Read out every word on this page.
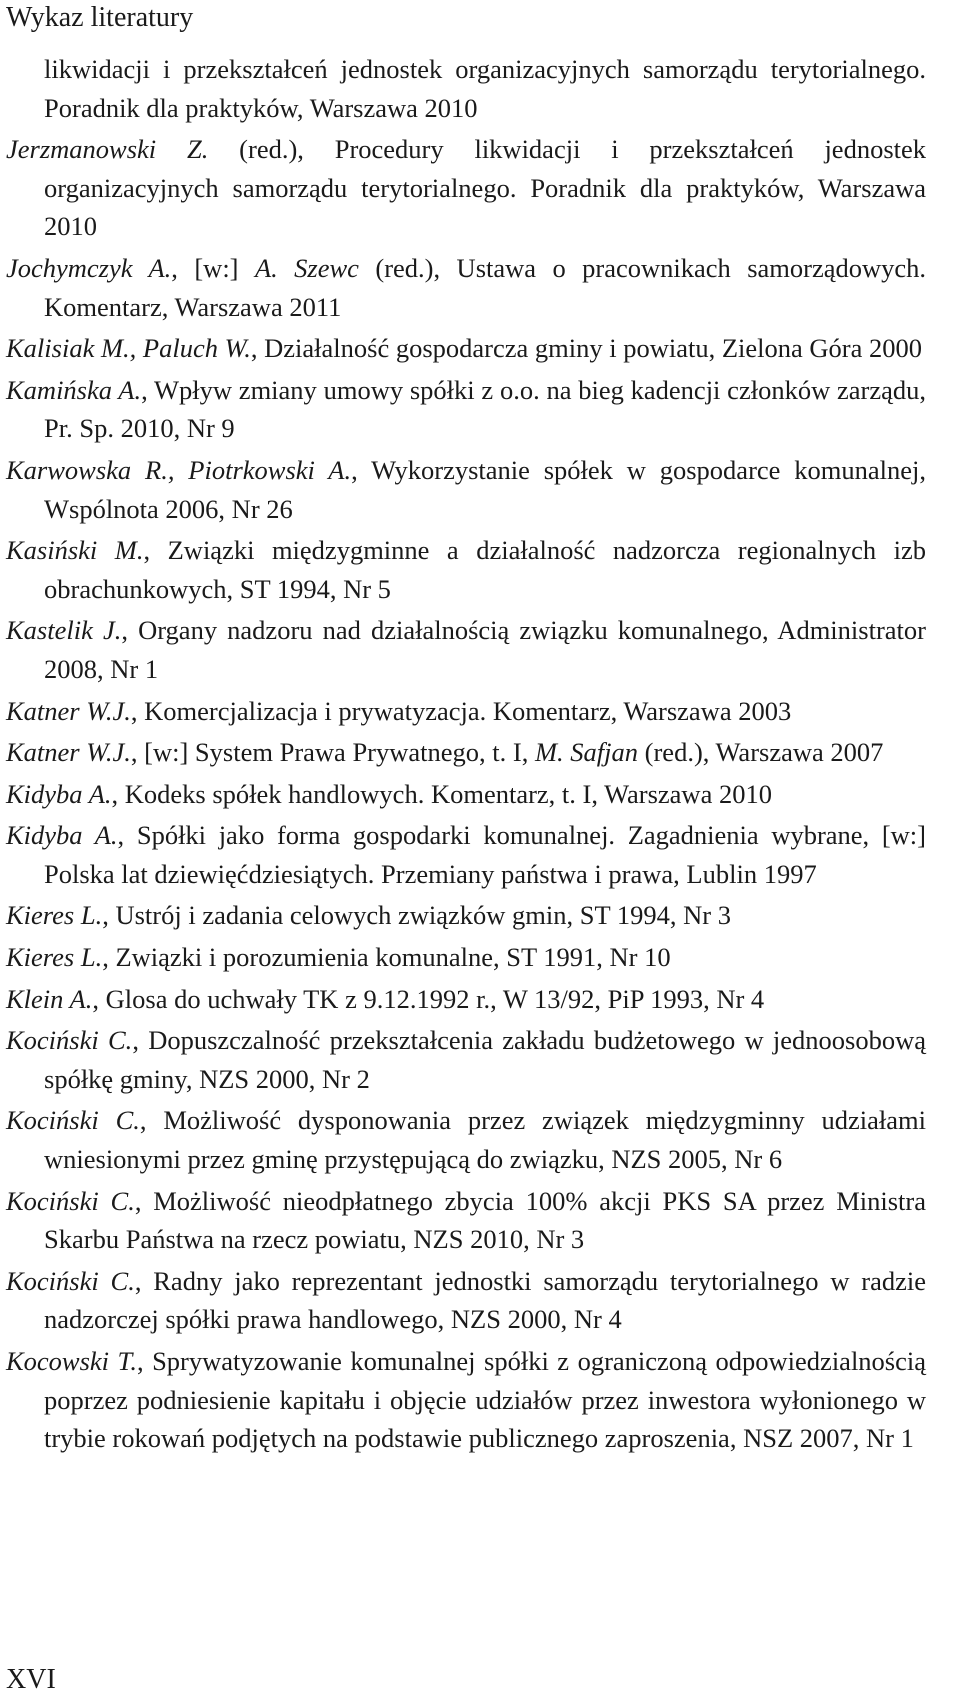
Wykaz literatury

likwidacji i przekształceń jednostek organizacyjnych samorządu terytorialnego. Poradnik dla praktyków, Warszawa 2010

Jerzmanowski Z. (red.), Procedury likwidacji i przekształceń jednostek organizacyjnych samorządu terytorialnego. Poradnik dla praktyków, Warszawa 2010

Jochymczyk A., [w:] A. Szewc (red.), Ustawa o pracownikach samorządowych. Komentarz, Warszawa 2011

Kalisiak M., Paluch W., Działalność gospodarcza gminy i powiatu, Zielona Góra 2000

Kamińska A., Wpływ zmiany umowy spółki z o.o. na bieg kadencji członków zarządu, Pr. Sp. 2010, Nr 9

Karwowska R., Piotrkowski A., Wykorzystanie spółek w gospodarce komunalnej, Wspólnota 2006, Nr 26

Kasiński M., Związki międzygminne a działalność nadzorcza regionalnych izb obrachunkowych, ST 1994, Nr 5

Kastelik J., Organy nadzoru nad działalnością związku komunalnego, Administrator 2008, Nr 1

Katner W.J., Komercjalizacja i prywatyzacja. Komentarz, Warszawa 2003

Katner W.J., [w:] System Prawa Prywatnego, t. I, M. Safjan (red.), Warszawa 2007

Kidyba A., Kodeks spółek handlowych. Komentarz, t. I, Warszawa 2010

Kidyba A., Spółki jako forma gospodarki komunalnej. Zagadnienia wybrane, [w:] Polska lat dziewięćdziesiątych. Przemiany państwa i prawa, Lublin 1997

Kieres L., Ustrój i zadania celowych związków gmin, ST 1994, Nr 3

Kieres L., Związki i porozumienia komunalne, ST 1991, Nr 10

Klein A., Glosa do uchwały TK z 9.12.1992 r., W 13/92, PiP 1993, Nr 4

Kociński C., Dopuszczalność przekształcenia zakładu budżetowego w jednoosobową spółkę gminy, NZS 2000, Nr 2

Kociński C., Możliwość dysponowania przez związek międzygminny udziałami wniesionymi przez gminę przystępującą do związku, NZS 2005, Nr 6

Kociński C., Możliwość nieodpłatnego zbycia 100% akcji PKS SA przez Ministra Skarbu Państwa na rzecz powiatu, NZS 2010, Nr 3

Kociński C., Radny jako reprezentant jednostki samorządu terytorialnego w radzie nadzorczej spółki prawa handlowego, NZS 2000, Nr 4

Kocowski T., Sprywatyzowanie komunalnej spółki z ograniczoną odpowiedzialnością poprzez podniesienie kapitału i objęcie udziałów przez inwestora wyłonionego w trybie rokowań podjętych na podstawie publicznego zaproszenia, NSZ 2007, Nr 1

XVI
